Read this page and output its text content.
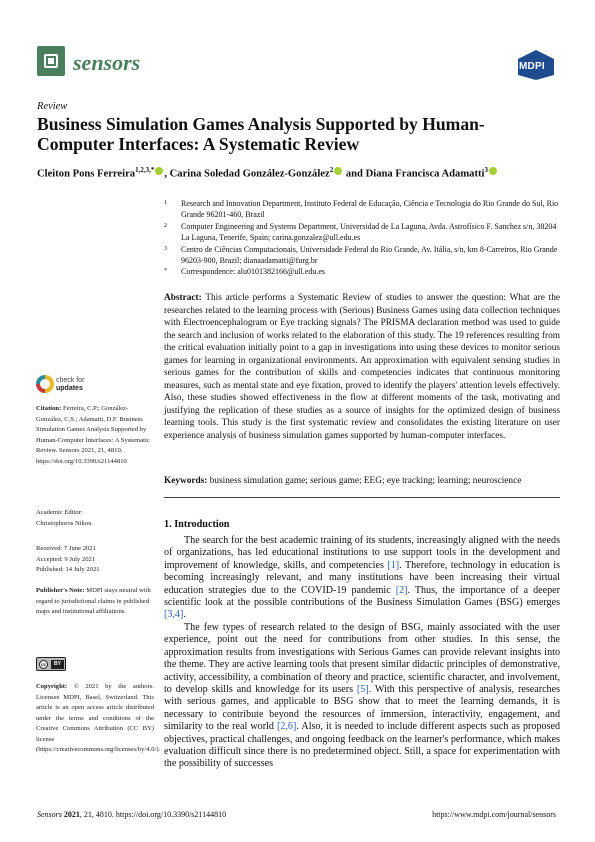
sensors	MDPI
Review
Business Simulation Games Analysis Supported by Human-Computer Interfaces: A Systematic Review
Cleiton Pons Ferreira$^{1,2,3,*}$ , Carina Soledad González-González$^2$ and Diana Francisca Adamatti$^3$
1 Research and Innovation Department, Instituto Federal de Educação, Ciência e Tecnologia do Rio Grande do Sul, Rio Grande 96201-460, Brazil
2 Computer Engineering and Systems Department, Universidad de La Laguna, Avda. Astrofísico F. Sanchez s/n, 38204 La Laguna, Tenerife, Spain; carina.gonzalez@ull.edu.es
3 Centro de Ciências Computacionais, Universidade Federal do Rio Grande, Av. Itália, s/n, km 8-Carreiros, Rio Grande 96203-900, Brazil; dianaadamatti@furg.br
* Correspondence: alu0101382166@ull.edu.es
Abstract: This article performs a Systematic Review of studies to answer the question: What are the researches related to the learning process with (Serious) Business Games using data collection techniques with Electroencephalogram or Eye tracking signals? The PRISMA declaration method was used to guide the search and inclusion of works related to the elaboration of this study. The 19 references resulting from the critical evaluation initially point to a gap in investigations into using these devices to monitor serious games for learning in organizational environments. An approximation with equivalent sensing studies in serious games for the contribution of skills and competencies indicates that continuous monitoring measures, such as mental state and eye fixation, proved to identify the players' attention levels effectively. Also, these studies showed effectiveness in the flow at different moments of the task, motivating and justifying the replication of these studies as a source of insights for the optimized design of business learning tools. This study is the first systematic review and consolidates the existing literature on user experience analysis of business simulation games supported by human-computer interfaces.
Keywords: business simulation game; serious game; EEG; eye tracking; learning; neuroscience
check for
updates
Citation: Ferreira, C.P.; González-González, C.S.; Adamatti, D.F. Business Simulation Games Analysis Supported by Human-Computer Interfaces: A Systematic Review. Sensors 2021, 21, 4810. https://doi.org/10.3390/s21144810
Academic Editor:
Christophoros Nikou
Received: 7 June 2021
Accepted: 9 July 2021
Published: 14 July 2021
Publisher's Note: MDPI stays neutral with regard to jurisdictional claims in published maps and institutional affiliations.
cc	BY
Copyright: © 2021 by the authors. Licensee MDPI, Basel, Switzerland. This article is an open access article distributed under the terms and conditions of the Creative Commons Attribution (CC BY) license (https://creativecommons.org/licenses/by/4.0/).
1. Introduction

The search for the best academic training of its students, increasingly aligned with the needs of organizations, has led educational institutions to use support tools in the development and improvement of knowledge, skills, and competencies [1]. Therefore, technology in education is becoming increasingly relevant, and many institutions have been increasing their virtual education strategies due to the COVID-19 pandemic [2]. Thus, the importance of a deeper scientific look at the possible contributions of the Business Simulation Games (BSG) emerges [3,4].

The few types of research related to the design of BSG, mainly associated with the user experience, point out the need for contributions from other studies. In this sense, the approximation results from investigations with Serious Games can provide relevant insights into the theme. They are active learning tools that present similar didactic principles of demonstrative, activity, accessibility, a combination of theory and practice, scientific character, and involvement, to develop skills and knowledge for its users [5]. With this perspective of analysis, researches with serious games, and applicable to BSG show that to meet the learning demands, it is necessary to contribute beyond the resources of immersion, interactivity, engagement, and similarity to the real world [2,6]. Also, it is needed to include different aspects such as proposed objectives, practical challenges, and ongoing feedback on the learner's performance, which makes evaluation difficult since there is no predetermined object. Still, a space for experimentation with the possibility of successes

Sensors 2021, 21, 4810. https://doi.org/10.3390/s21144810	https://www.mdpi.com/journal/sensors
